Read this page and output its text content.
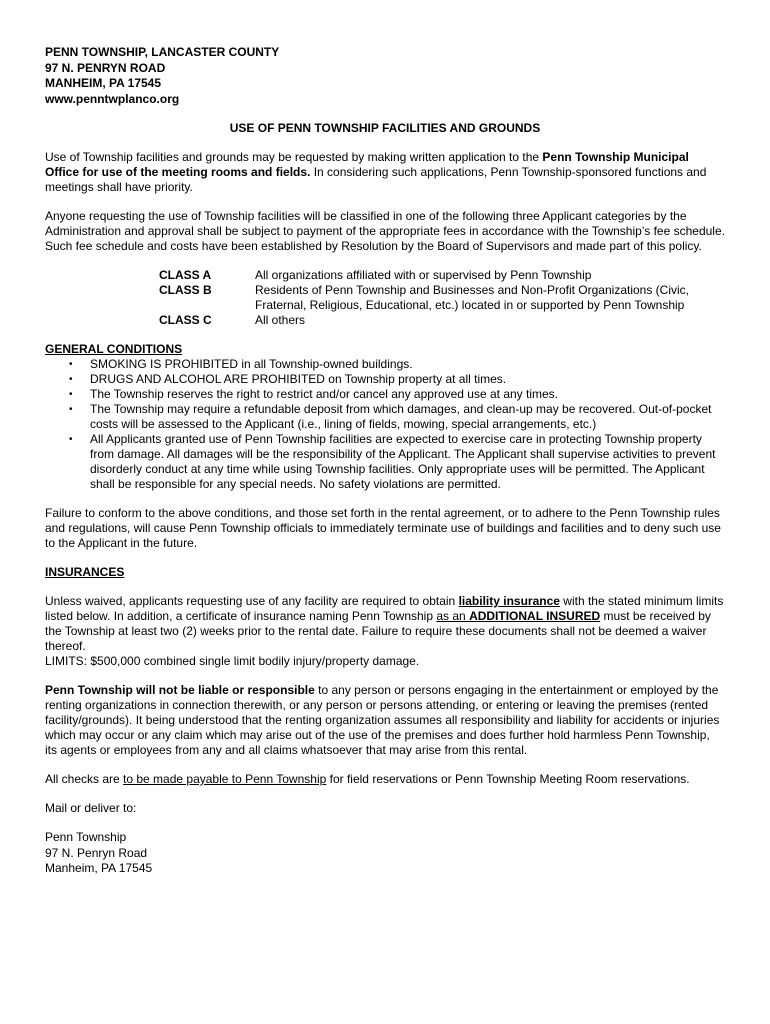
PENN TOWNSHIP, LANCASTER COUNTY
97 N. PENRYN ROAD
MANHEIM, PA 17545
www.penntwplanco.org
USE OF PENN TOWNSHIP FACILITIES AND GROUNDS

Use of Township facilities and grounds may be requested by making written application to the Penn Township Municipal Office for use of the meeting rooms and fields. In considering such applications, Penn Township-sponsored functions and meetings shall have priority.

Anyone requesting the use of Township facilities will be classified in one of the following three Applicant categories by the Administration and approval shall be subject to payment of the appropriate fees in accordance with the Township’s fee schedule. Such fee schedule and costs have been established by Resolution by the Board of Supervisors and made part of this policy.

CLASS A	All organizations affiliated with or supervised by Penn Township
CLASS B	Residents of Penn Township and Businesses and Non-Profit Organizations (Civic, Fraternal, Religious, Educational, etc.) located in or supported by Penn Township
CLASS C	All others
GENERAL CONDITIONS
• SMOKING IS PROHIBITED in all Township-owned buildings.
• DRUGS AND ALCOHOL ARE PROHIBITED on Township property at all times.
• The Township reserves the right to restrict and/or cancel any approved use at any times.
• The Township may require a refundable deposit from which damages, and clean-up may be recovered. Out-of-pocket costs will be assessed to the Applicant (i.e., lining of fields, mowing, special arrangements, etc.)
• All Applicants granted use of Penn Township facilities are expected to exercise care in protecting Township property from damage. All damages will be the responsibility of the Applicant. The Applicant shall supervise activities to prevent disorderly conduct at any time while using Township facilities. Only appropriate uses will be permitted. The Applicant shall be responsible for any special needs. No safety violations are permitted.

Failure to conform to the above conditions, and those set forth in the rental agreement, or to adhere to the Penn Township rules and regulations, will cause Penn Township officials to immediately terminate use of buildings and facilities and to deny such use to the Applicant in the future.

INSURANCES

Unless waived, applicants requesting use of any facility are required to obtain liability insurance with the stated minimum limits listed below. In addition, a certificate of insurance naming Penn Township as an ADDITIONAL INSURED must be received by the Township at least two (2) weeks prior to the rental date. Failure to require these documents shall not be deemed a waiver thereof.

LIMITS: $500,000 combined single limit bodily injury/property damage.

Penn Township will not be liable or responsible to any person or persons engaging in the entertainment or employed by the renting organizations in connection therewith, or any person or persons attending, or entering or leaving the premises (rented facility/grounds). It being understood that the renting organization assumes all responsibility and liability for accidents or injuries which may occur or any claim which may arise out of the use of the premises and does further hold harmless Penn Township, its agents or employees from any and all claims whatsoever that may arise from this rental.

All checks are to be made payable to Penn Township for field reservations or Penn Township Meeting Room reservations.

Mail or deliver to:

Penn Township
97 N. Penryn Road
Manheim, PA 17545
